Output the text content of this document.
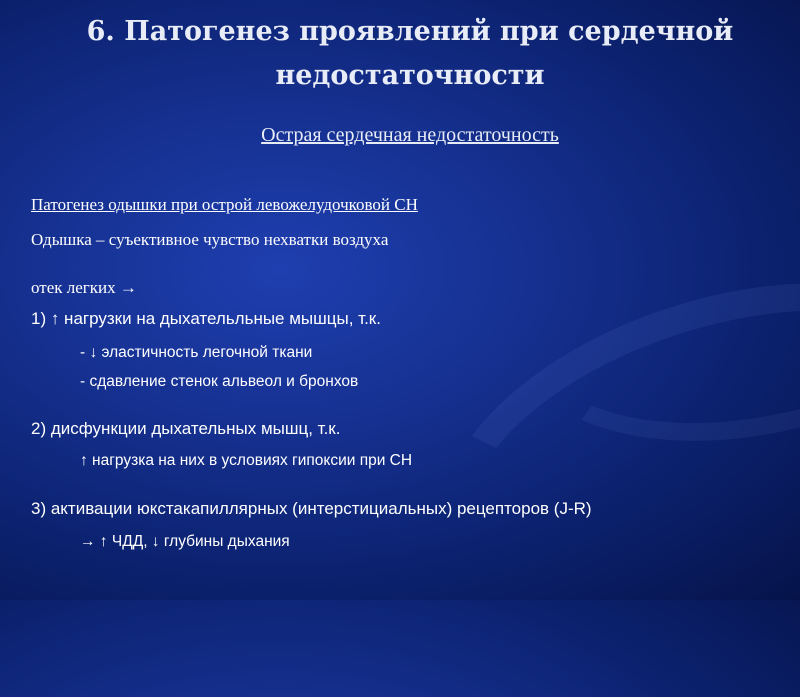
6. Патогенез проявлений при сердечной
недостаточности
Острая сердечная недостаточность
Патогенез одышки при острой левожелудочковой СН
Одышка – суъективное чувство нехватки воздуха
отек легких →
1) ↑ нагрузки на дыхательльные мышцы, т.к.
- ↓ эластичность легочной ткани
- сдавление стенок альвеол и бронхов
2) дисфункции дыхательных мышц, т.к.
↑ нагрузка на них в условиях гипоксии при СН
3) активации юкстакапиллярных (интерстициальных) рецепторов (J-R)
→ ↑ ЧДД, ↓ глубины дыхания
